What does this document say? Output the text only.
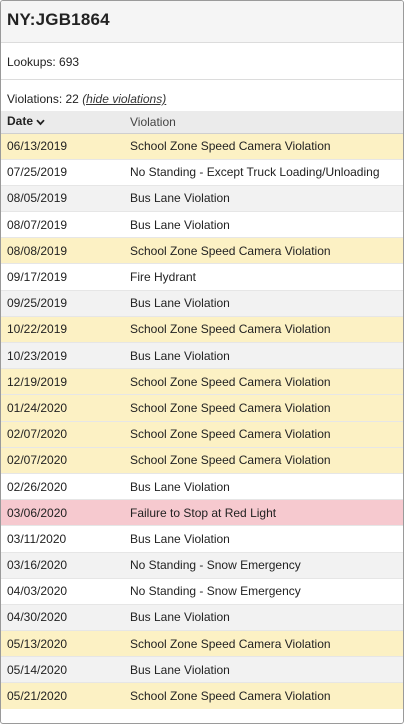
NY:JGB1864
Lookups: 693
Violations: 22 (hide violations)
Date	Violation
06/13/2019	School Zone Speed Camera Violation
07/25/2019	No Standing - Except Truck Loading/Unloading
08/05/2019	Bus Lane Violation
08/07/2019	Bus Lane Violation
08/08/2019	School Zone Speed Camera Violation
09/17/2019	Fire Hydrant
09/25/2019	Bus Lane Violation
10/22/2019	School Zone Speed Camera Violation
10/23/2019	Bus Lane Violation
12/19/2019	School Zone Speed Camera Violation
01/24/2020	School Zone Speed Camera Violation
02/07/2020	School Zone Speed Camera Violation
02/07/2020	School Zone Speed Camera Violation
02/26/2020	Bus Lane Violation
03/06/2020	Failure to Stop at Red Light
03/11/2020	Bus Lane Violation
03/16/2020	No Standing - Snow Emergency
04/03/2020	No Standing - Snow Emergency
04/30/2020	Bus Lane Violation
05/13/2020	School Zone Speed Camera Violation
05/14/2020	Bus Lane Violation
05/21/2020	School Zone Speed Camera Violation
